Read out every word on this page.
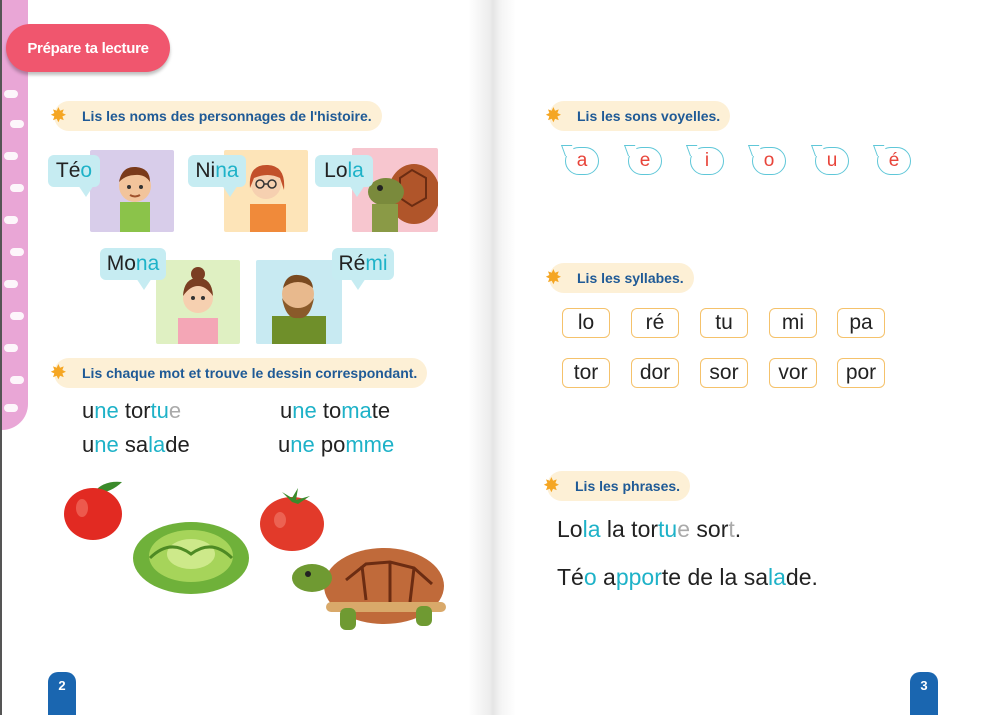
Prépare ta lecture
✸ Lis les noms des personnages de l'histoire.
Té o	Ni na	Lo la
Mo na	Ré mi
✸ Lis chaque mot et trouve le dessin correspondant.
une tortue	une tomate
une salade	une pomme
2
✸ Lis les sons voyelles.
a	e	i	o	u	é
✸ Lis les syllabes.
lo	ré	tu	mi	pa
tor	dor	sor	vor	por
✸ Lis les phrases.
Lola la tortue sort.
Téo apporte de la salade.
3
